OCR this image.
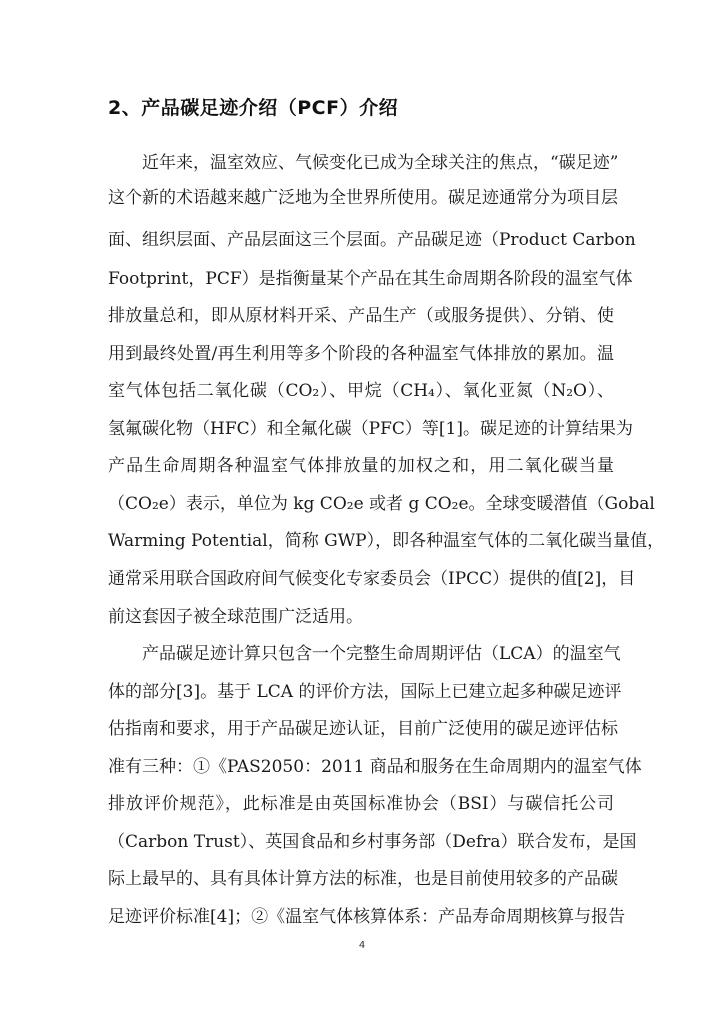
2、产品碳足迹介绍（PCF）介绍
近年来，温室效应、气候变化已成为全球关注的焦点，“碳足迹”
这个新的术语越来越广泛地为全世界所使用。碳足迹通常分为项目层
面、组织层面、产品层面这三个层面。产品碳足迹（Product Carbon
Footprint，PCF）是指衡量某个产品在其生命周期各阶段的温室气体
排放量总和，即从原材料开采、产品生产（或服务提供）、分销、使
用到最终处置/再生利用等多个阶段的各种温室气体排放的累加。温
室气体包括二氧化碳（CO₂）、甲烷（CH₄）、氧化亚氮（N₂O）、
氢氟碳化物（HFC）和全氟化碳（PFC）等[1]。碳足迹的计算结果为
产品生命周期各种温室气体排放量的加权之和，用二氧化碳当量
（CO₂e）表示，单位为 kg CO₂e 或者 g CO₂e。全球变暖潜值（Gobal
Warming Potential，简称 GWP），即各种温室气体的二氧化碳当量值，
通常采用联合国政府间气候变化专家委员会（IPCC）提供的值[2]，目
前这套因子被全球范围广泛适用。
产品碳足迹计算只包含一个完整生命周期评估（LCA）的温室气
体的部分[3]。基于 LCA 的评价方法，国际上已建立起多种碳足迹评
估指南和要求，用于产品碳足迹认证，目前广泛使用的碳足迹评估标
准有三种：①《PAS2050：2011 商品和服务在生命周期内的温室气体
排放评价规范》，此标准是由英国标准协会（BSI）与碳信托公司
（Carbon Trust）、英国食品和乡村事务部（Defra）联合发布，是国
际上最早的、具有具体计算方法的标准，也是目前使用较多的产品碳
足迹评价标准[4]；②《温室气体核算体系：产品寿命周期核算与报告
4
